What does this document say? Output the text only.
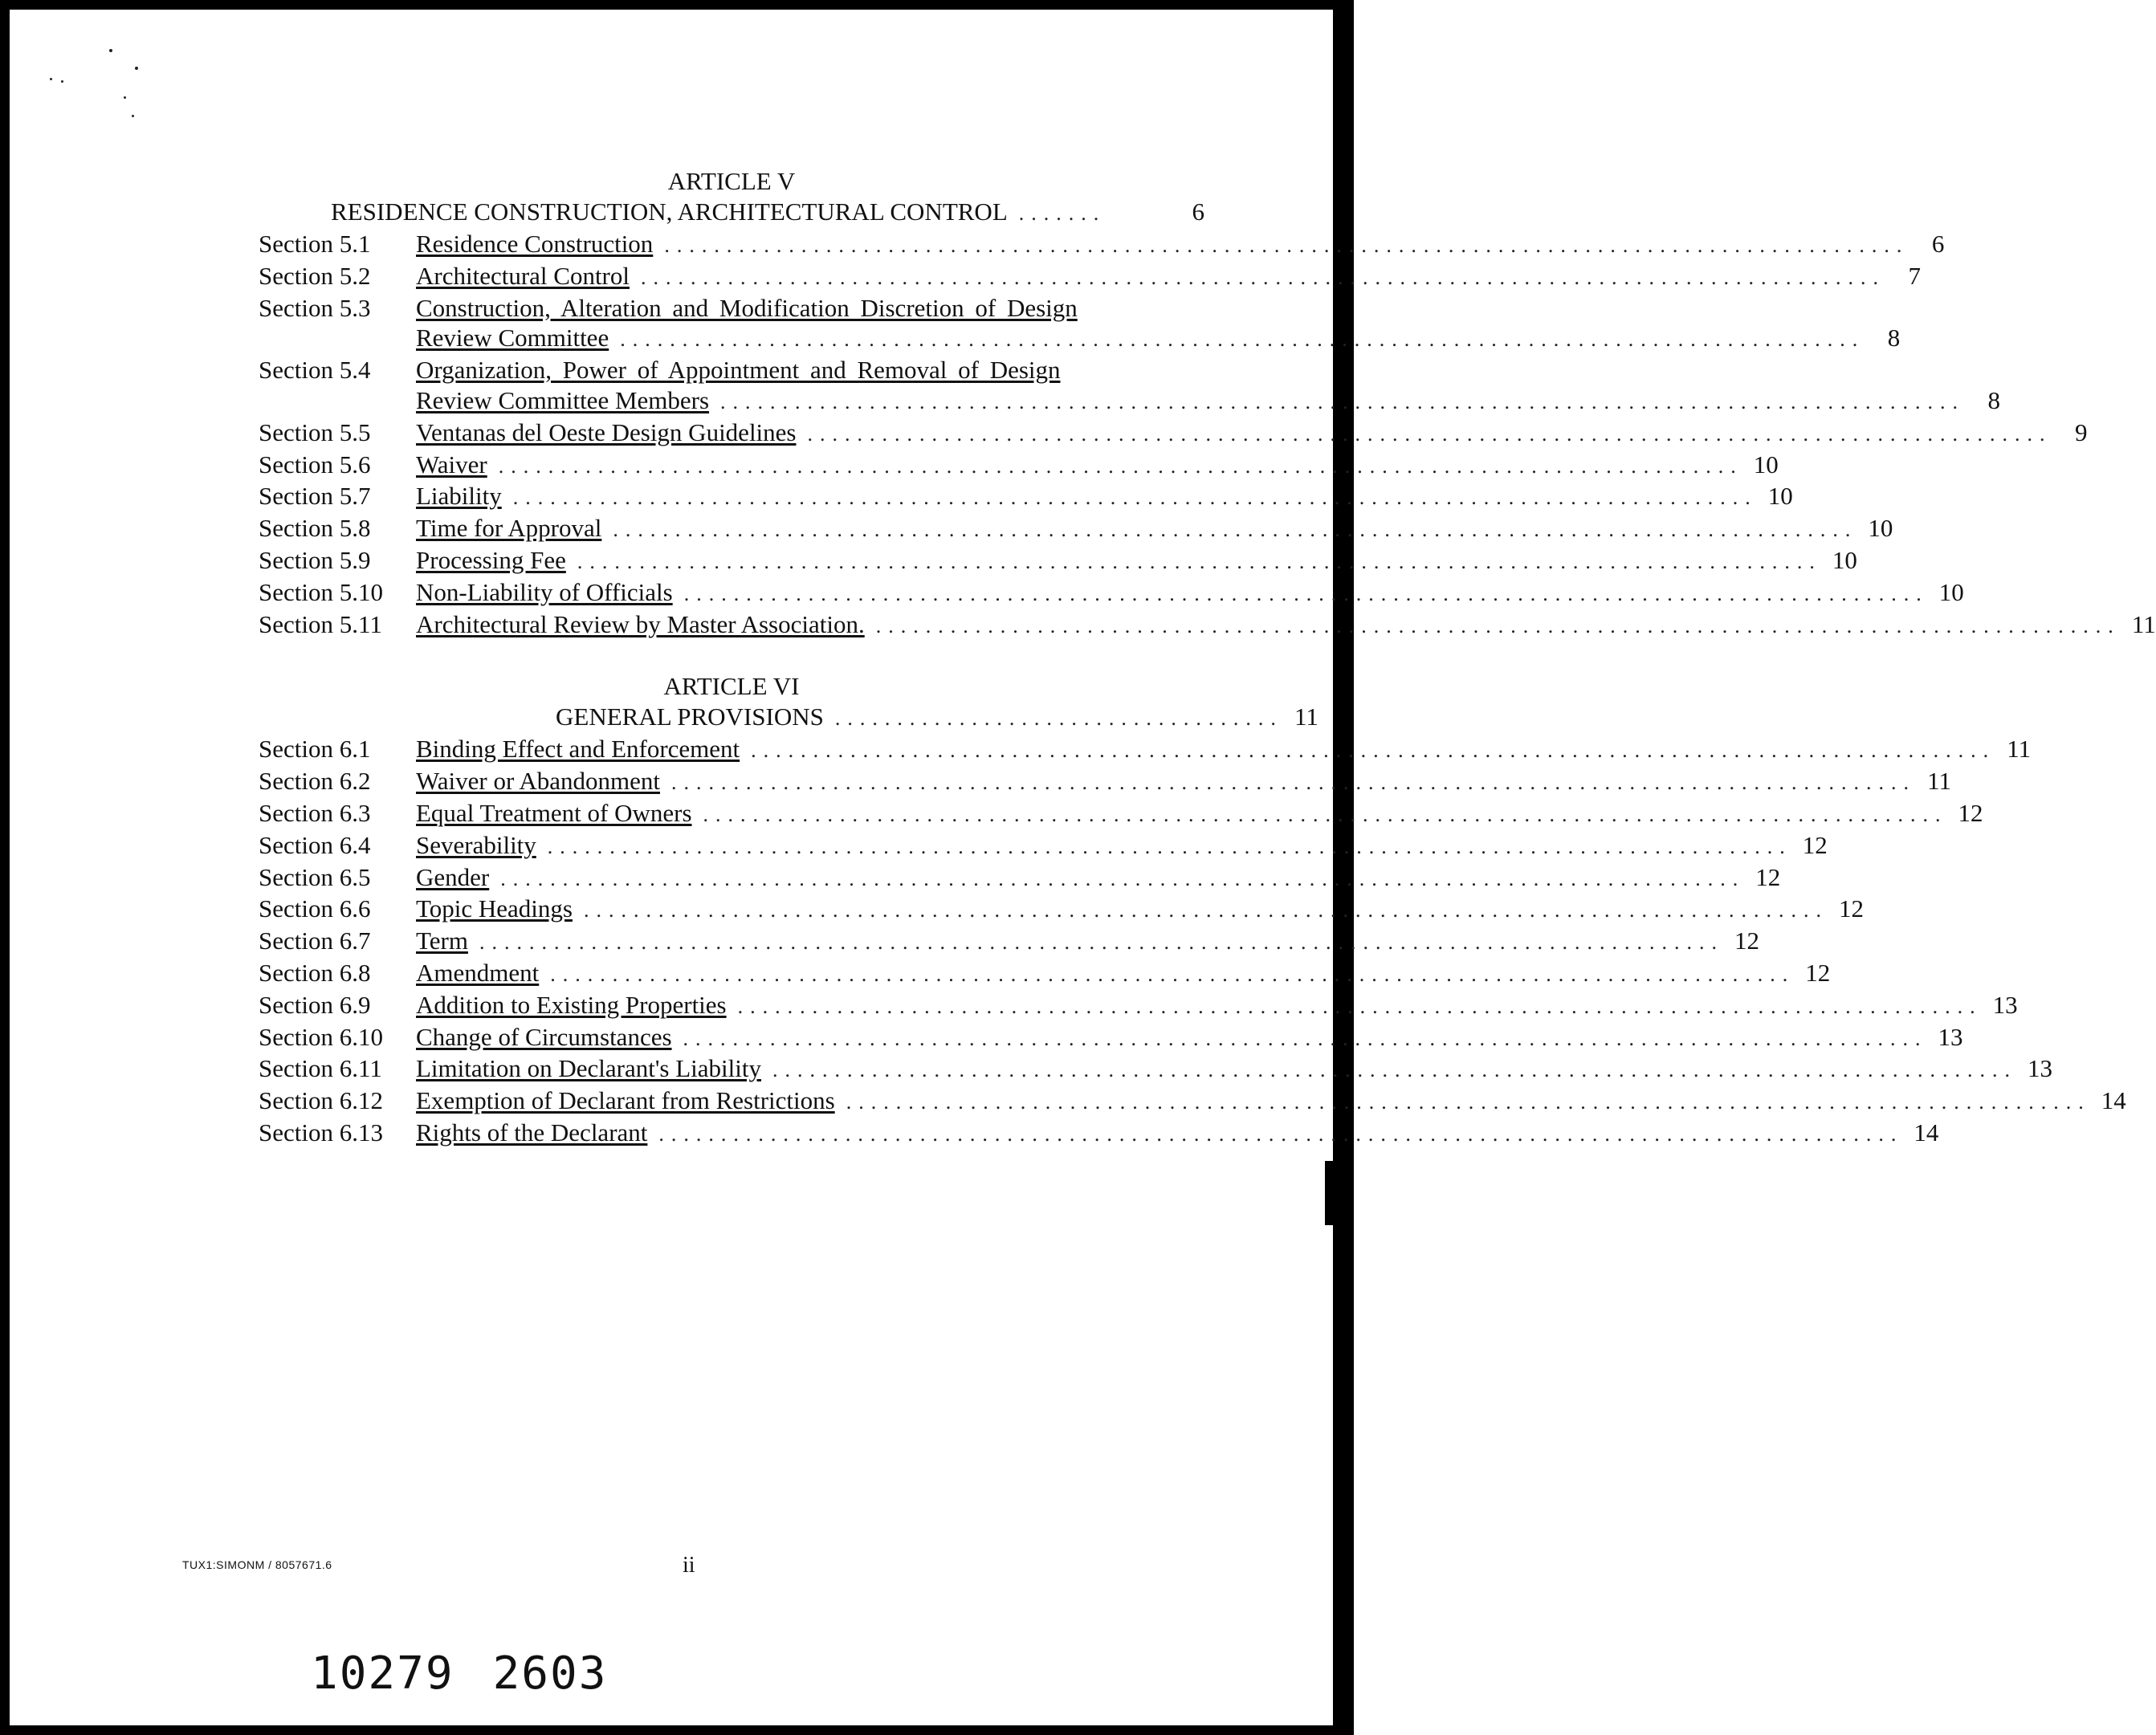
ARTICLE V
RESIDENCE CONSTRUCTION, ARCHITECTURAL CONTROL .......	6
Section 5.1	Residence Construction .................................................................................................... 6
Section 5.2	Architectural Control .................................................................................................... 7
Section 5.3	Construction, Alteration and Modification Discretion of Design
Review Committee .................................................................................................... 8
Section 5.4	Organization, Power of Appointment and Removal of Design
Review Committee Members .................................................................................................... 8
Section 5.5	Ventanas del Oeste Design Guidelines .................................................................................................... 9
Section 5.6	Waiver .................................................................................................... 10
Section 5.7	Liability .................................................................................................... 10
Section 5.8	Time for Approval .................................................................................................... 10
Section 5.9	Processing Fee .................................................................................................... 10
Section 5.10	Non-Liability of Officials .................................................................................................... 10
Section 5.11	Architectural Review by Master Association. .................................................................................................... 11
ARTICLE VI
GENERAL PROVISIONS .................................... 11
Section 6.1	Binding Effect and Enforcement .................................................................................................... 11
Section 6.2	Waiver or Abandonment .................................................................................................... 11
Section 6.3	Equal Treatment of Owners .................................................................................................... 12
Section 6.4	Severability .................................................................................................... 12
Section 6.5	Gender .................................................................................................... 12
Section 6.6	Topic Headings .................................................................................................... 12
Section 6.7	Term .................................................................................................... 12
Section 6.8	Amendment .................................................................................................... 12
Section 6.9	Addition to Existing Properties .................................................................................................... 13
Section 6.10	Change of Circumstances .................................................................................................... 13
Section 6.11	Limitation on Declarant's Liability .................................................................................................... 13
Section 6.12	Exemption of Declarant from Restrictions .................................................................................................... 14
Section 6.13	Rights of the Declarant .................................................................................................... 14
TUX1:SIMONM / 8057671.6	ii
10279 2603
